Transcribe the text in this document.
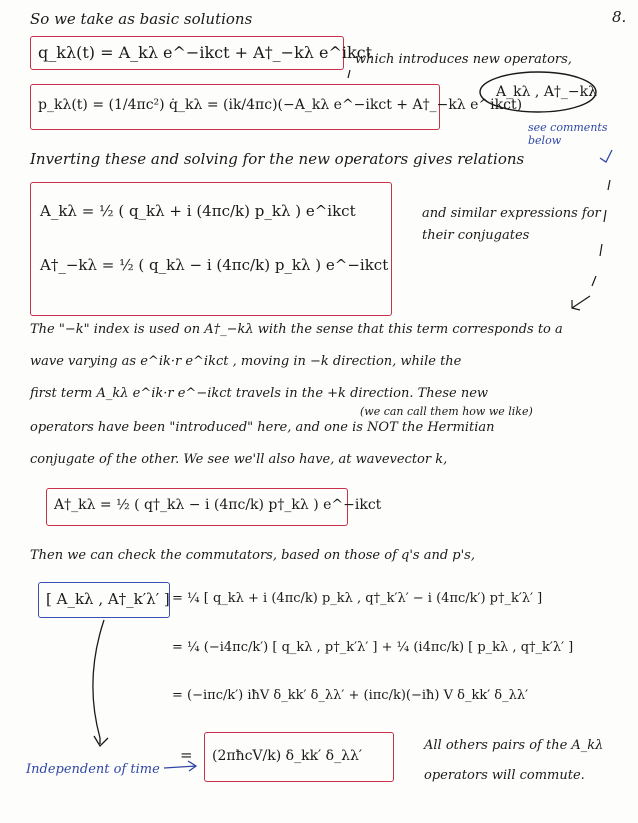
8.
So we take as basic solutions
q_kλ(t) = A_kλ e^−ikct + A†_−kλ e^ikct
p_kλ(t) = (1/4πc²) q̇_kλ = (ik/4πc)(−A_kλ e^−ikct + A†_−kλ e^ikct)
which introduces new operators,
A_kλ , A†_−kλ
see comments below
Inverting these and solving for the new operators gives relations
A_kλ = ½ ( q_kλ + i (4πc/k) p_kλ ) e^ikct
A†_−kλ = ½ ( q_kλ − i (4πc/k) p_kλ ) e^−ikct
and similar expressions for
their conjugates
The "−k" index is used on A†_−kλ with the sense that this term corresponds to a
wave varying as e^ik·r e^ikct , moving in −k direction, while the
first term A_kλ e^ik·r e^−ikct travels in the +k direction. These new
(we can call them how we like)
operators have been "introduced" here, and one is NOT the Hermitian
conjugate of the other. We see we'll also have, at wavevector k,
A†_kλ = ½ ( q†_kλ − i (4πc/k) p†_kλ ) e^−ikct
Then we can check the commutators, based on those of q's and p's,
[ A_kλ , A†_k′λ′ ] = ¼ [ q_kλ + i (4πc/k) p_kλ , q†_k′λ′ − i (4πc/k′) p†_k′λ′ ]
= ¼ (−i4πc/k′) [ q_kλ , p†_k′λ′ ] + ¼ (i4πc/k) [ p_kλ , q†_k′λ′ ]
= (−iπc/k′) iħV δ_kk′ δ_λλ′ + (iπc/k)(−iħ) V δ_kk′ δ_λλ′
= (2πħcV/k) δ_kk′ δ_λλ′
Independent of time
All others pairs of the A_kλ
operators will commute.
